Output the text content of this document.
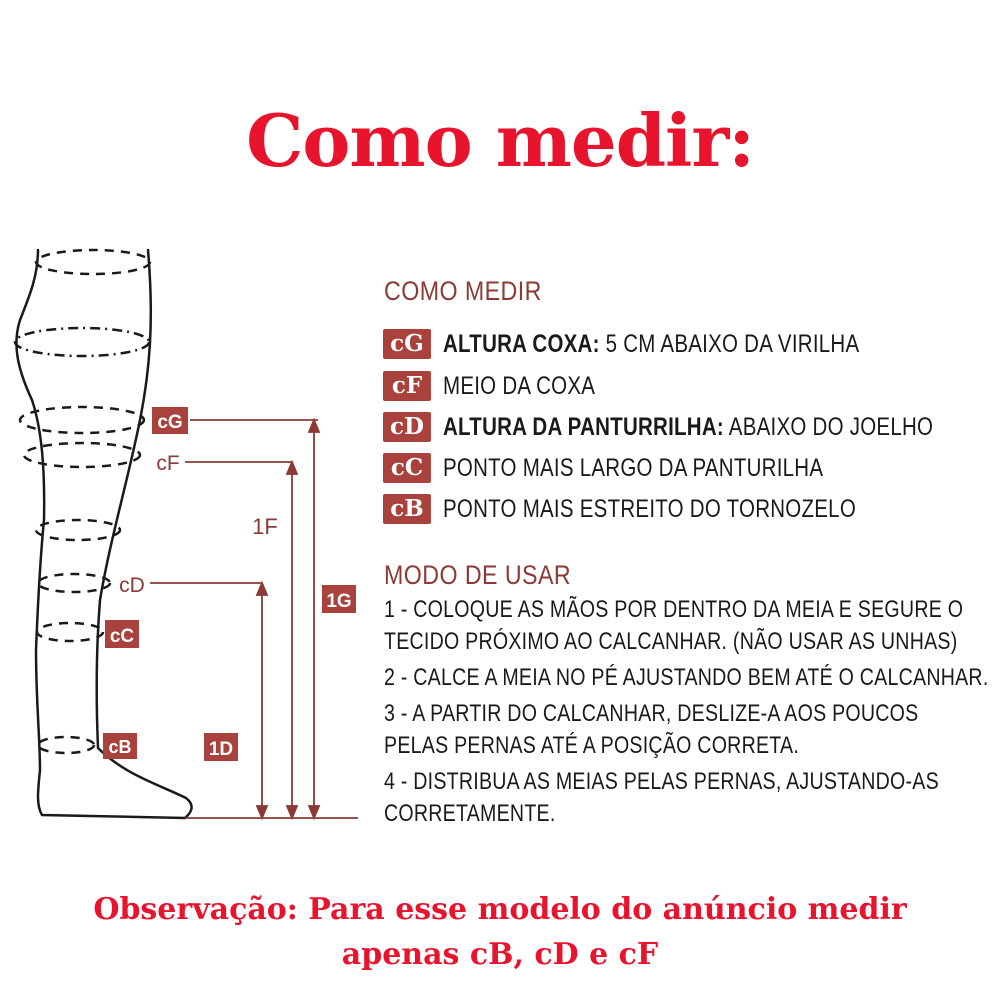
Como medir:
cG
cF
cD
cC
cB
1F
1G
1D
COMO MEDIR
cG ALTURA COXA: 5 CM ABAIXO DA VIRILHA
cF MEIO DA COXA
cD ALTURA DA PANTURRILHA: ABAIXO DO JOELHO
cC PONTO MAIS LARGO DA PANTURILHA
cB PONTO MAIS ESTREITO DO TORNOZELO
MODO DE USAR
1 - COLOQUE AS MÃOS POR DENTRO DA MEIA E SEGURE O
TECIDO PRÓXIMO AO CALCANHAR. (NÃO USAR AS UNHAS)
2 - CALCE A MEIA NO PÉ AJUSTANDO BEM ATÉ O CALCANHAR.
3 - A PARTIR DO CALCANHAR, DESLIZE-A AOS POUCOS
PELAS PERNAS ATÉ A POSIÇÃO CORRETA.
4 - DISTRIBUA AS MEIAS PELAS PERNAS, AJUSTANDO-AS
CORRETAMENTE.
Observação: Para esse modelo do anúncio medir
apenas cB, cD e cF
